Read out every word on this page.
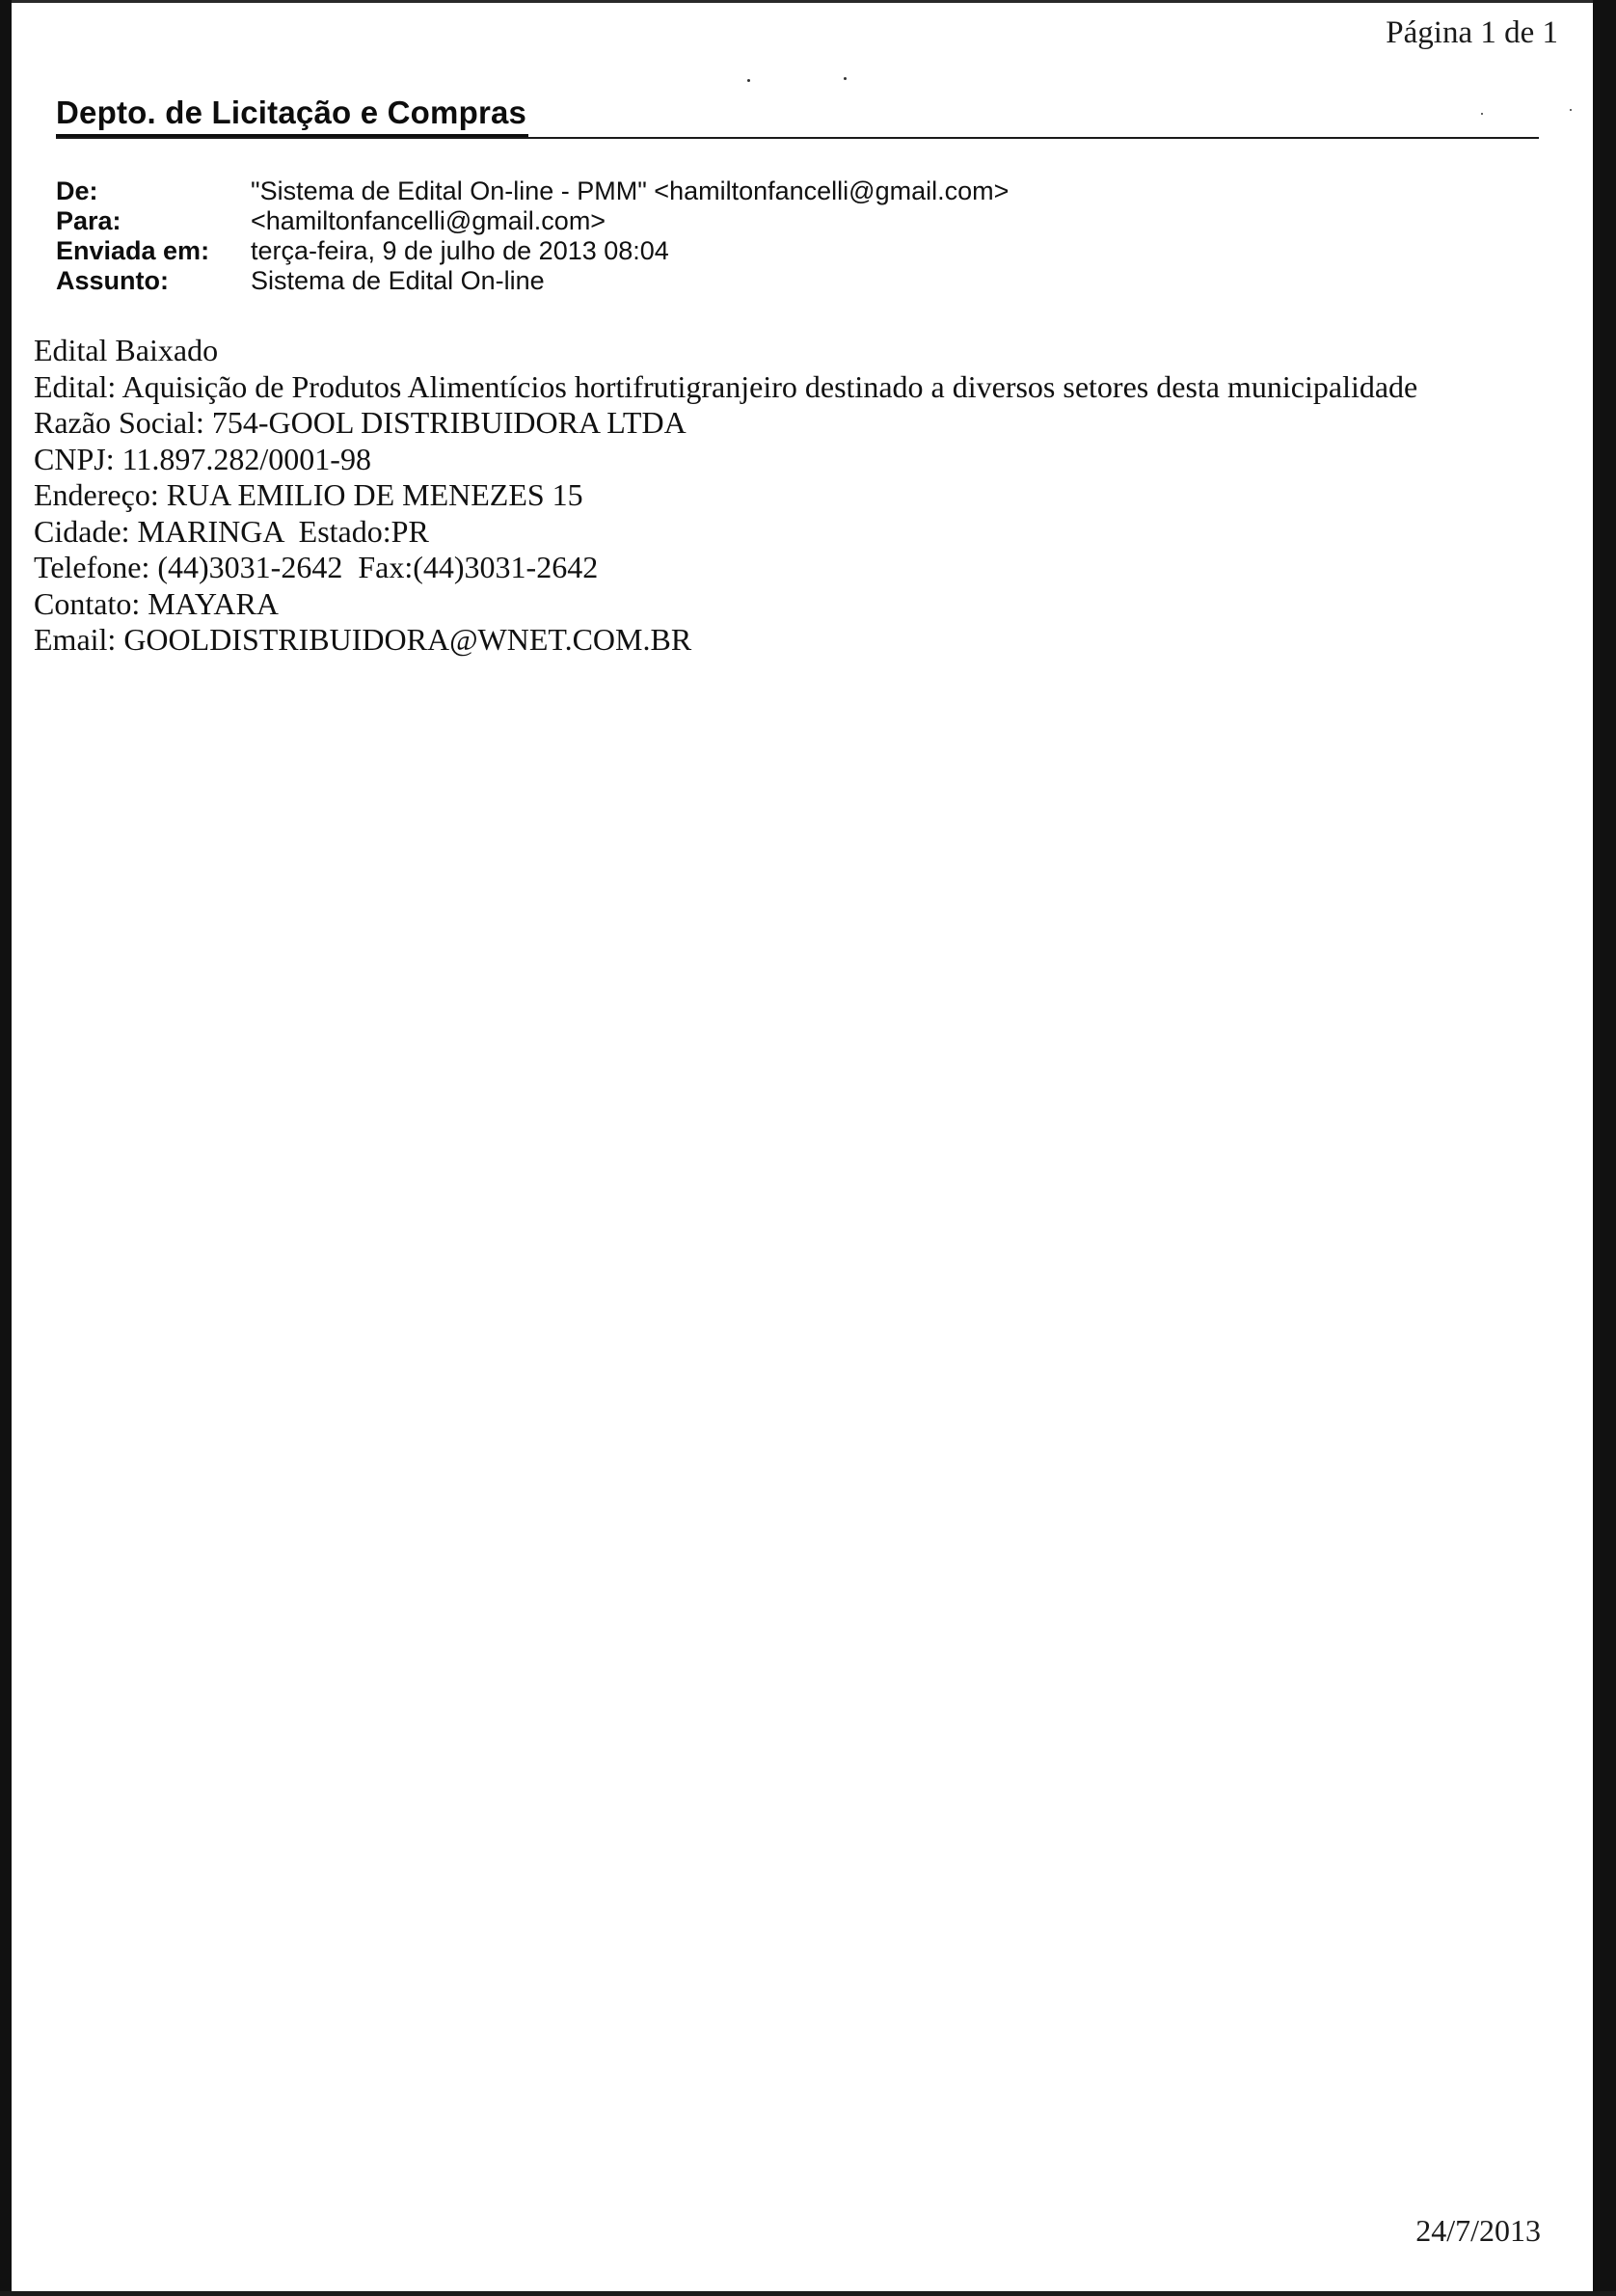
Página 1 de 1
Depto. de Licitação e Compras
De:	"Sistema de Edital On-line - PMM" <hamiltonfancelli@gmail.com>
Para:	<hamiltonfancelli@gmail.com>
Enviada em:	terça-feira, 9 de julho de 2013 08:04
Assunto:	Sistema de Edital On-line
Edital Baixado
Edital: Aquisição de Produtos Alimentícios hortifrutigranjeiro destinado a diversos setores desta municipalidade
Razão Social: 754-GOOL DISTRIBUIDORA LTDA
CNPJ: 11.897.282/0001-98
Endereço: RUA EMILIO DE MENEZES 15
Cidade: MARINGA  Estado:PR
Telefone: (44)3031-2642  Fax:(44)3031-2642
Contato: MAYARA
Email: GOOLDISTRIBUIDORA@WNET.COM.BR
24/7/2013
